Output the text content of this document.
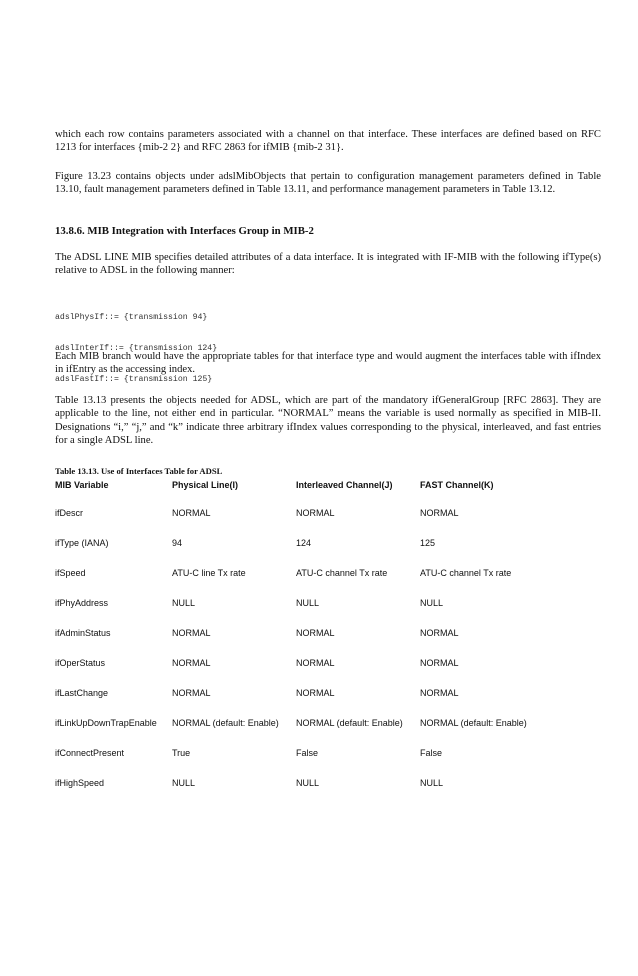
which each row contains parameters associated with a channel on that interface. These interfaces are defined based on RFC 1213 for interfaces {mib-2 2} and RFC 2863 for ifMIB {mib-2 31}.

Figure 13.23 contains objects under adslMibObjects that pertain to configuration management parameters defined in Table 13.10, fault management parameters defined in Table 13.11, and performance management parameters in Table 13.12.

13.8.6. MIB Integration with Interfaces Group in MIB-2

The ADSL LINE MIB specifies detailed attributes of a data interface. It is integrated with IF-MIB with the following ifType(s) relative to ADSL in the following manner:

adslPhysIf::= {transmission 94}

adslInterIf::= {transmission 124}

adslFastIf::= {transmission 125}

Each MIB branch would have the appropriate tables for that interface type and would augment the interfaces table with ifIndex in ifEntry as the accessing index.

Table 13.13 presents the objects needed for ADSL, which are part of the mandatory ifGeneralGroup [RFC 2863]. They are applicable to the line, not either end in particular. “NORMAL” means the variable is used normally as specified in MIB-II. Designations “i,” “j,” and “k” indicate three arbitrary ifIndex values corresponding to the physical, interleaved, and fast entries for a single ADSL line.

Table 13.13. Use of Interfaces Table for ADSL

MIB Variable	Physical Line(I)	Interleaved Channel(J)	FAST Channel(K)
ifDescr	NORMAL	NORMAL	NORMAL
ifType (IANA)	94	124	125
ifSpeed	ATU-C line Tx rate	ATU-C channel Tx rate	ATU-C channel Tx rate
ifPhyAddress	NULL	NULL	NULL
ifAdminStatus	NORMAL	NORMAL	NORMAL
ifOperStatus	NORMAL	NORMAL	NORMAL
ifLastChange	NORMAL	NORMAL	NORMAL
ifLinkUpDownTrapEnable	NORMAL (default: Enable)	NORMAL (default: Enable)	NORMAL (default: Enable)
ifConnectPresent	True	False	False
ifHighSpeed	NULL	NULL	NULL
